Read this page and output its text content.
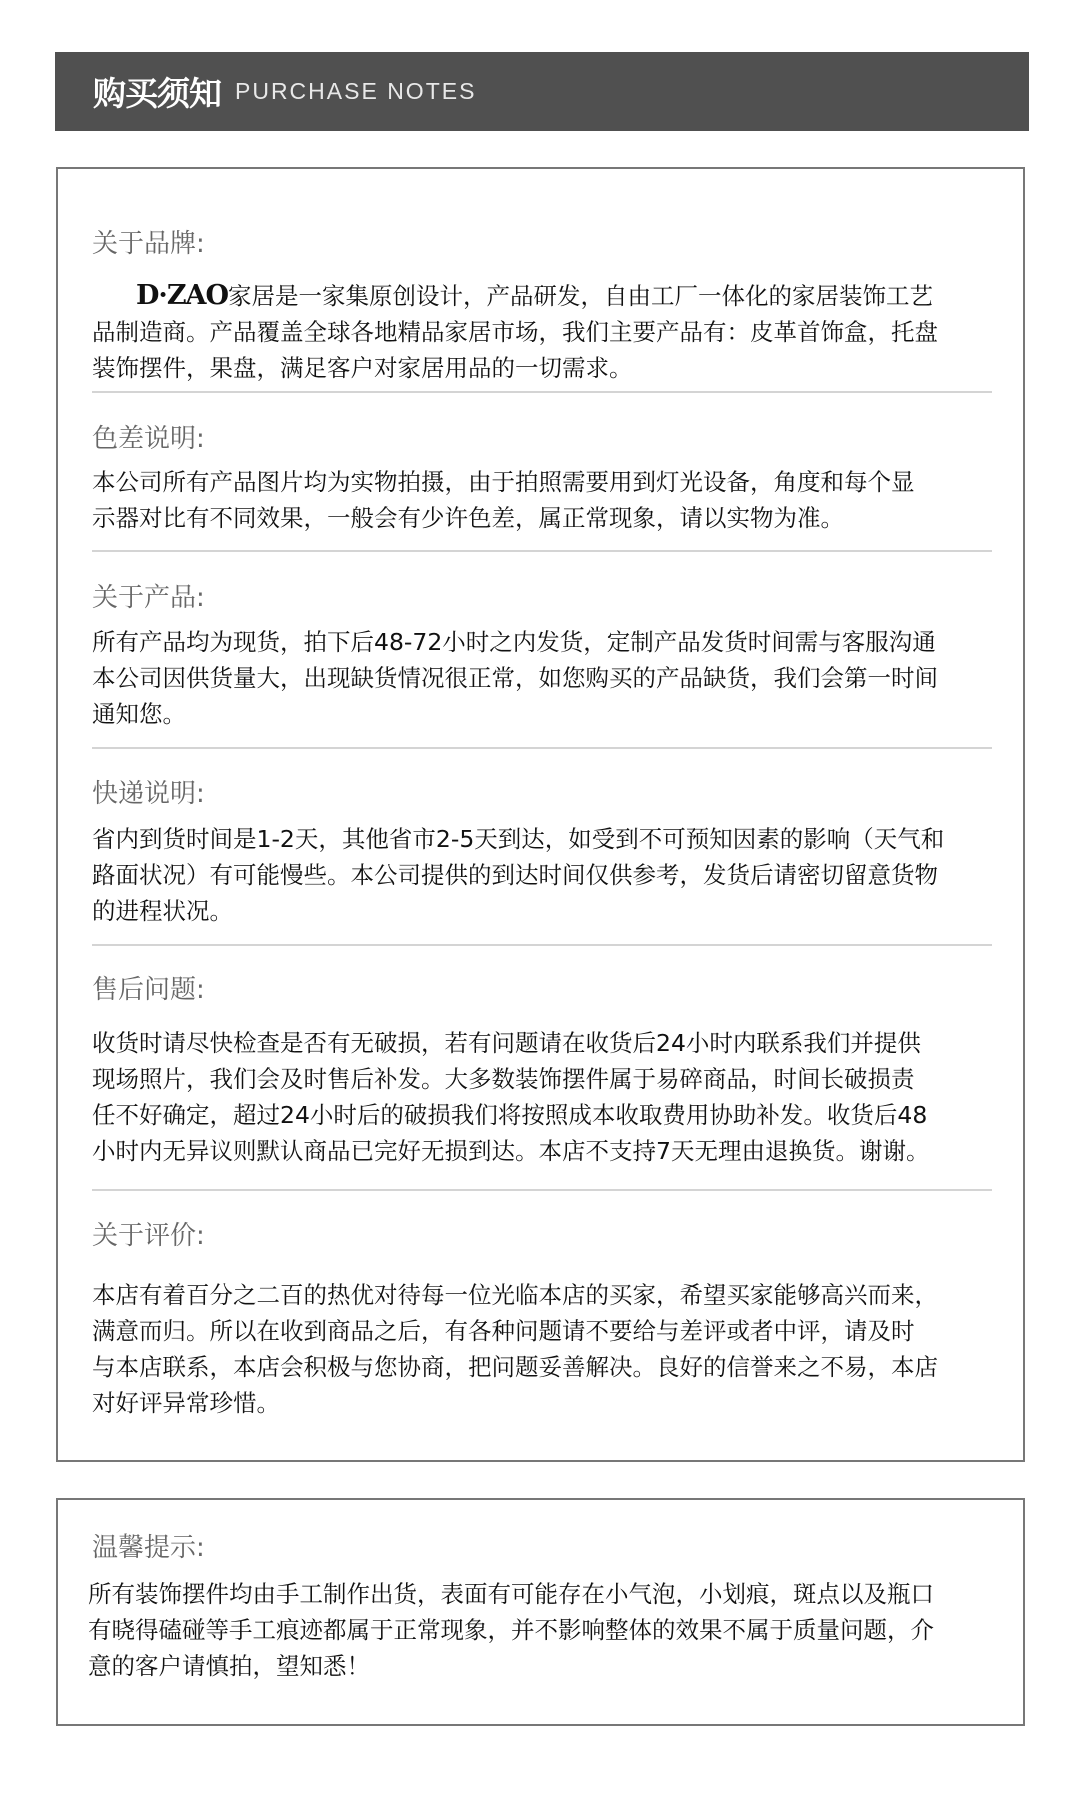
购买须知 PURCHASE NOTES
关于品牌:
D·ZAO家居是一家集原创设计，产品研发，自由工厂一体化的家居装饰工艺
品制造商。产品覆盖全球各地精品家居市场，我们主要产品有：皮革首饰盒，托盘
装饰摆件，果盘，满足客户对家居用品的一切需求。
色差说明:
本公司所有产品图片均为实物拍摄，由于拍照需要用到灯光设备，角度和每个显
示器对比有不同效果，一般会有少许色差，属正常现象，请以实物为准。
关于产品:
所有产品均为现货，拍下后48-72小时之内发货，定制产品发货时间需与客服沟通
本公司因供货量大，出现缺货情况很正常，如您购买的产品缺货，我们会第一时间
通知您。
快递说明:
省内到货时间是1-2天，其他省市2-5天到达，如受到不可预知因素的影响（天气和
路面状况）有可能慢些。本公司提供的到达时间仅供参考，发货后请密切留意货物
的进程状况。
售后问题:
收货时请尽快检查是否有无破损，若有问题请在收货后24小时内联系我们并提供
现场照片，我们会及时售后补发。大多数装饰摆件属于易碎商品，时间长破损责
任不好确定，超过24小时后的破损我们将按照成本收取费用协助补发。收货后48
小时内无异议则默认商品已完好无损到达。本店不支持7天无理由退换货。谢谢。
关于评价:
本店有着百分之二百的热优对待每一位光临本店的买家，希望买家能够高兴而来，
满意而归。所以在收到商品之后，有各种问题请不要给与差评或者中评，请及时
与本店联系，本店会积极与您协商，把问题妥善解决。良好的信誉来之不易，本店
对好评异常珍惜。
温馨提示:
所有装饰摆件均由手工制作出货，表面有可能存在小气泡，小划痕，斑点以及瓶口
有晓得磕碰等手工痕迹都属于正常现象，并不影响整体的效果不属于质量问题，介
意的客户请慎拍，望知悉！
